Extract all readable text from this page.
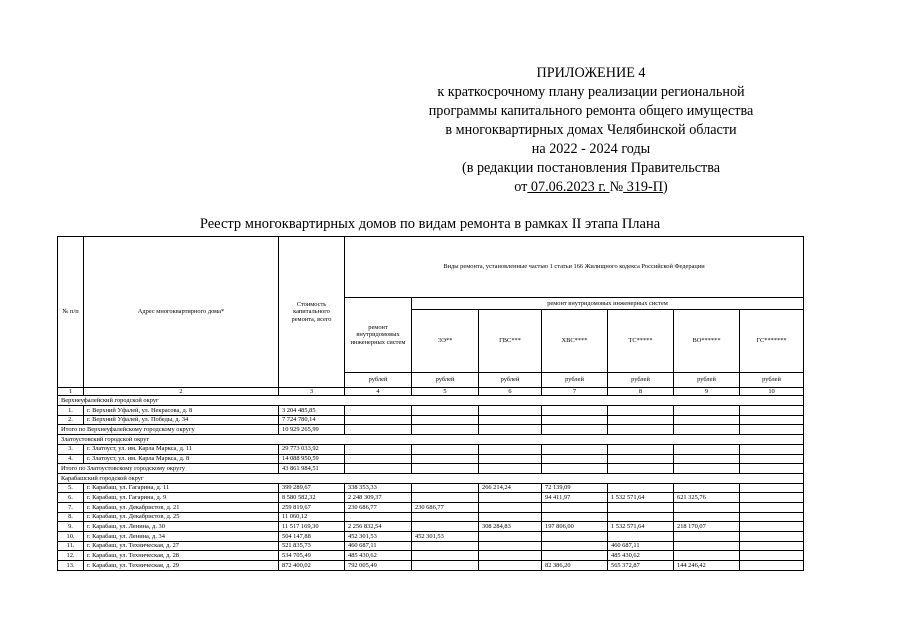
ПРИЛОЖЕНИЕ 4
к краткосрочному плану реализации региональной
программы капитального ремонта общего имущества
в многоквартирных домах Челябинской области
на 2022 - 2024 годы
(в редакции постановления Правительства
от 07.06.2023 г. № 319-П)
Реестр многоквартирных домов по видам ремонта в рамках II этапа Плана
№ п/п	Адрес многоквартирного дома*	Стоимость капитального ремонта, всего	Виды ремонта, установленные частью 1 статьи 166 Жилищного кодекса Российской Федерации							
			ремонт внутридомовых инженерных систем	ремонт внутридомовых инженерных систем						
				ЭЭ**	ГВС***	ХВС****	ТС*****	ВО******	ГС*******	
			рублей	рублей	рублей	рублей	рублей	рублей	рублей	
1	2	3	4	5	6	7	8	9	10	
Верхнеуфалейский городской округ										
1.	г. Верхний Уфалей, ул. Некрасова, д. 8	3 204 485,85								
2.	г. Верхний Уфалей, ул. Победы, д. 34	7 724 780,14								
Итого по Верхнеуфалейскому городскому округу		10 929 265,99								
Златоустовский городской округ										
3.	г. Златоуст, ул. им. Карла Маркса, д. 11	29 773 033,92								
4.	г. Златоуст, ул. им. Карла Маркса, д. 8	14 088 950,59								
Итого по Златоустовскому городскому округу		43 861 984,51								
Карабашский городской округ										
5.	г. Карабаш, ул. Гагарина, д. 11	399 289,67	338 353,33		266 214,24	72 139,09				
6.	г. Карабаш, ул. Гагарина, д. 9	8 580 582,32	2 248 309,37			94 411,97	1 532 571,64	621 325,76		
7.	г. Карабаш, ул. Декабристов, д. 21	259 819,67	230 686,77	230 686,77						
8.	г. Карабаш, ул. Декабристов, д. 25	11 060,12								
9.	г. Карабаш, ул. Ленина, д. 30	11 517 169,30	2 256 832,54		308 284,83	197 806,00	1 532 571,64	218 170,07		
10.	г. Карабаш, ул. Ленина, д. 34	504 147,88	452 301,53	452 301,53						
11.	г. Карабаш, ул. Техническая, д. 27	521 835,73	460 687,11				460 687,11			
12.	г. Карабаш, ул. Техническая, д. 28	534 705,49	485 430,62				485 430,62			
13.	г. Карабаш, ул. Техническая, д. 29	872 400,02	792 005,49			82 386,20	565 372,87	144 246,42		
